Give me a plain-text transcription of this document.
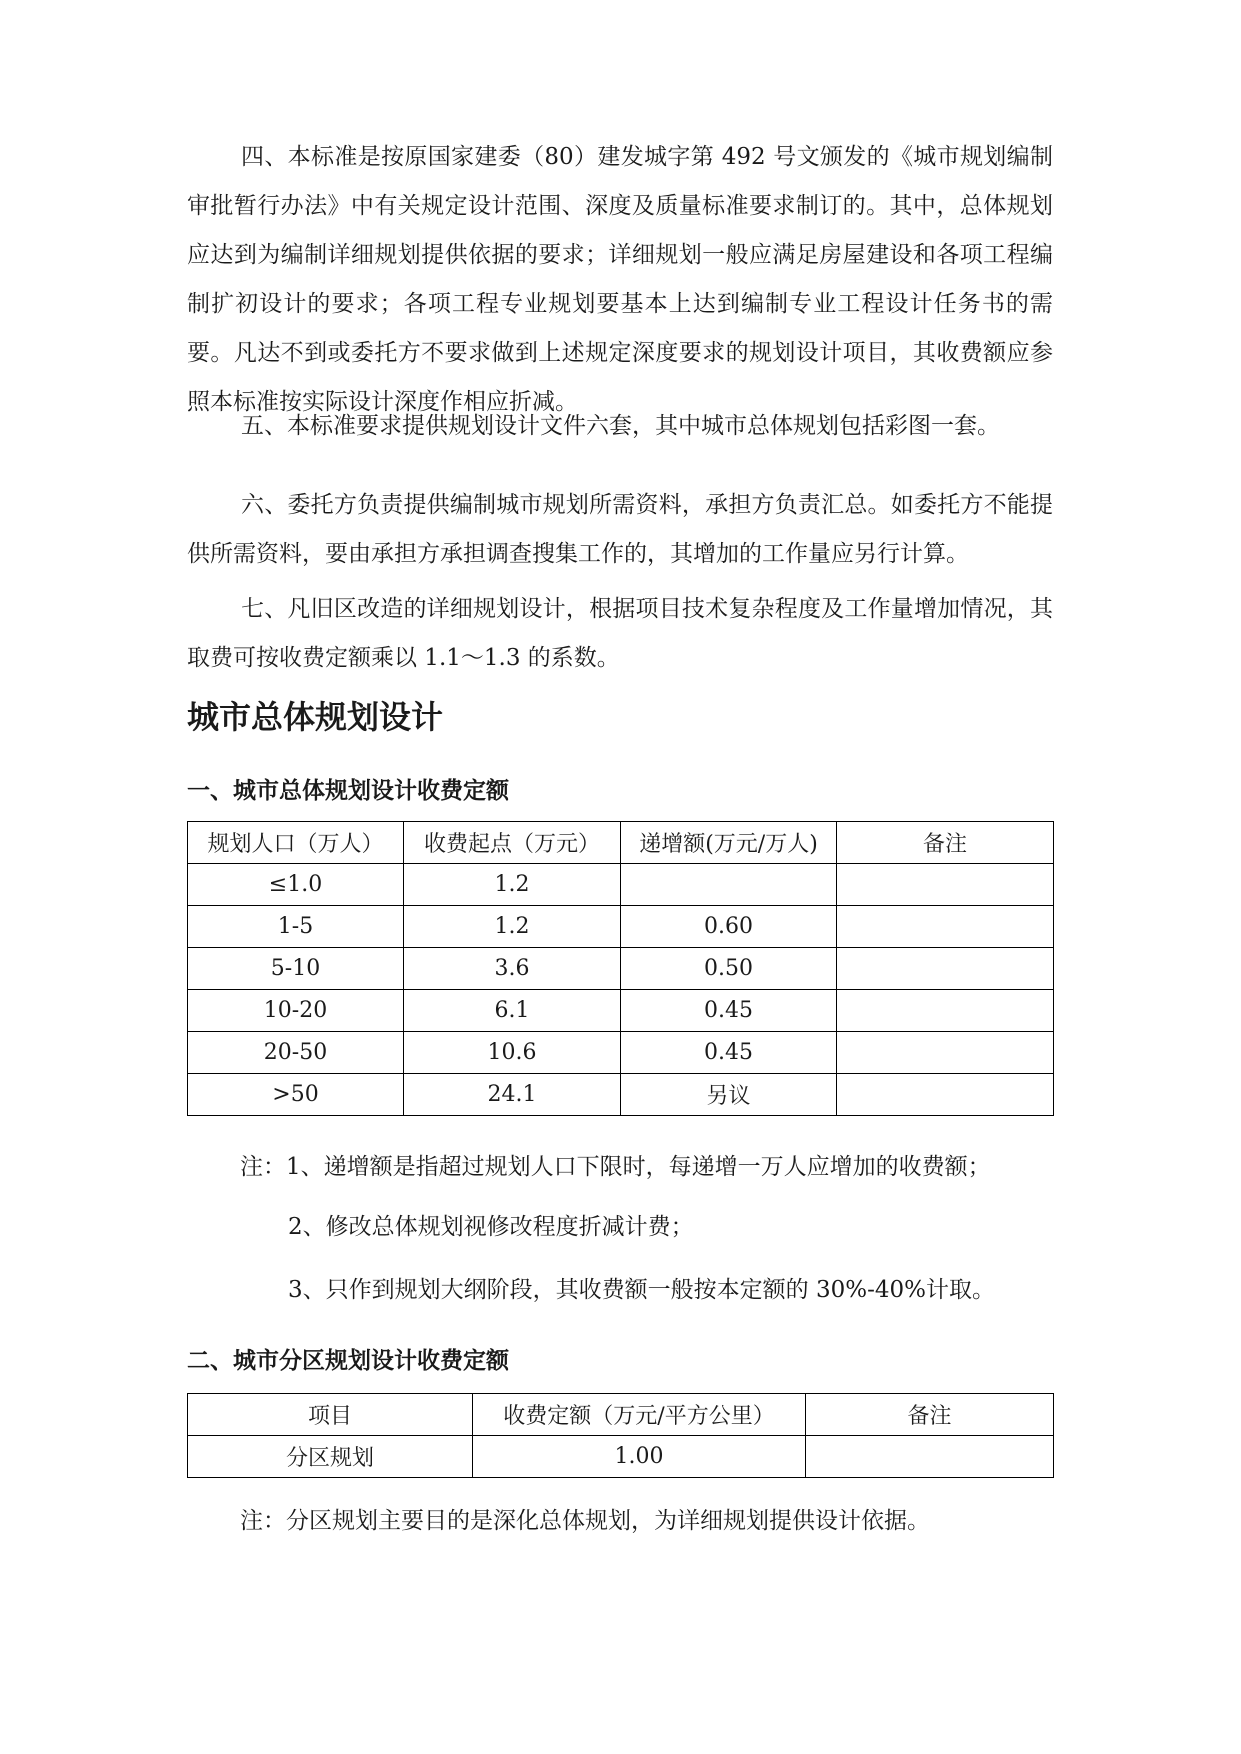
四、本标准是按原国家建委（80）建发城字第 492 号文颁发的《城市规划编制审批暂行办法》中有关规定设计范围、深度及质量标准要求制订的。其中，总体规划应达到为编制详细规划提供依据的要求；详细规划一般应满足房屋建设和各项工程编制扩初设计的要求；各项工程专业规划要基本上达到编制专业工程设计任务书的需要。凡达不到或委托方不要求做到上述规定深度要求的规划设计项目，其收费额应参照本标准按实际设计深度作相应折减。

五、本标准要求提供规划设计文件六套，其中城市总体规划包括彩图一套。

六、委托方负责提供编制城市规划所需资料，承担方负责汇总。如委托方不能提供所需资料，要由承担方承担调查搜集工作的，其增加的工作量应另行计算。

七、凡旧区改造的详细规划设计，根据项目技术复杂程度及工作量增加情况，其取费可按收费定额乘以 1.1～1.3 的系数。

城市总体规划设计
一、城市总体规划设计收费定额
规划人口（万人）	收费起点（万元）	递增额(万元/万人)	备注
≤1.0	1.2		
1-5	1.2	0.60	
5-10	3.6	0.50	
10-20	6.1	0.45	
20-50	10.6	0.45	
>50	24.1	另议	

注：1、递增额是指超过规划人口下限时，每递增一万人应增加的收费额；

2、修改总体规划视修改程度折减计费；

3、只作到规划大纲阶段，其收费额一般按本定额的 30%-40%计取。

二、城市分区规划设计收费定额
项目	收费定额（万元/平方公里）	备注
分区规划	1.00	

注：分区规划主要目的是深化总体规划，为详细规划提供设计依据。
